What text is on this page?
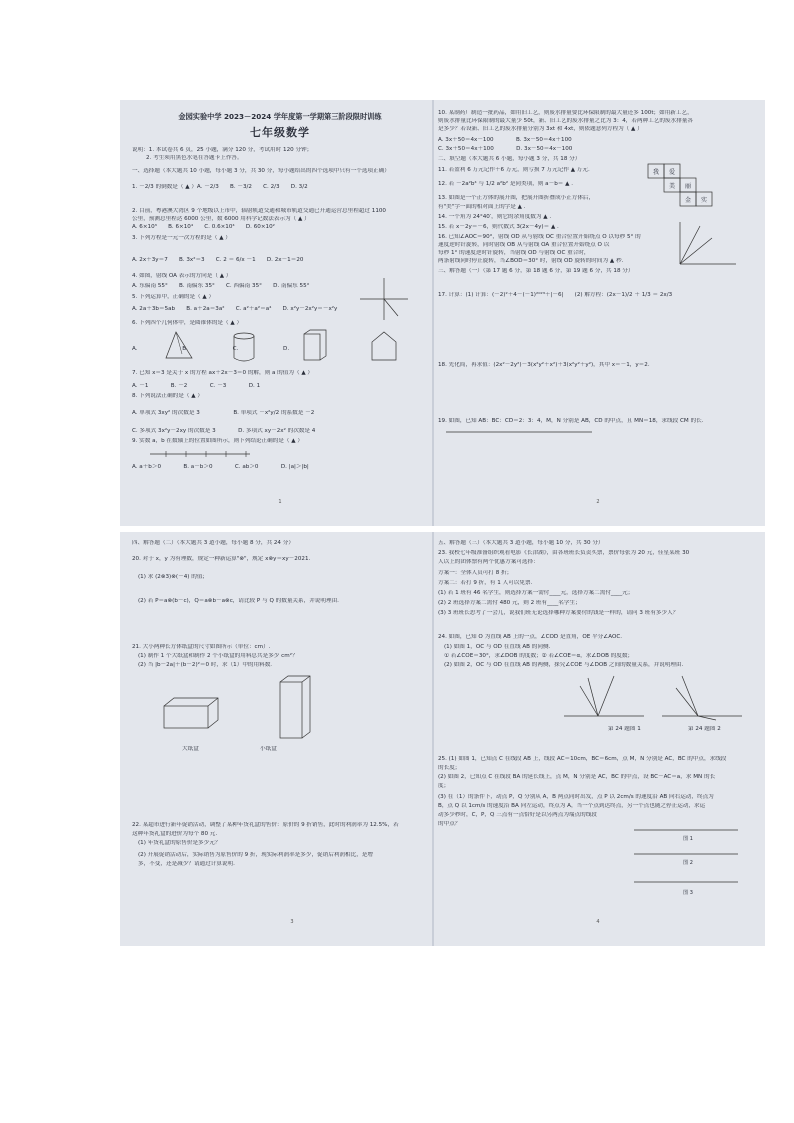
金园实验中学 2023－2024 学年度第一学期第三阶段限时训练
七年级数学
说明：1. 本试卷共 6 页，25 小题，满分 120 分，考试用时 120 分钟；
2. 考生须用黑色水笔在答题卡上作答。
一、选择题（本大题共 10 小题，每小题 3 分，共 30 分，每小题给出的四个选项中只有一个选项正确）
1. －2/3 的倒数是（ ▲ ）A. －2/3　　B. －3/2　　C. 2/3　　D. 3/2
2. 目前，粤港澳大湾区 9 个地级以上市中，辐射轨道交通和城市轨道交通已开通运营总里程超过 1100
公里，预测总里程达 6000 公里，数 6000 用科学记数法表示为（ ▲ ）
A. 6×10³　　B. 6×10⁴　　C. 0.6×10⁴　　D. 60×10²
3. 下列方程是一元一次方程的是（ ▲ ）
A. 2x＋3y＝7　　B. 3x²＝3　　C. 2 ＝ 6/x －1　　D. 2x－1＝20
4. 如图，射线 OA 表示的方向是（ ▲ ）
A. 东偏南 55°　　B. 南偏东 35°　　C. 西偏南 35°　　D. 南偏东 55°
5. 下列运算中，正确的是（ ▲ ）
A. 2a＋3b＝5ab　　B. a＋2a＝3a²　　C. a²＋a²＝a⁴　　D. x²y－2x²y＝－x²y
6. 下列四个几何体中，是圆锥体的是（ ▲ ）
A.　　　　　　　　B.　　　　　　　　C.　　　　　　　　D.
7. 已知 x＝3 是关于 x 的方程 ax＋2x－3＝0 的解，则 a 的值为（ ▲ ）
A. －1　　　　B. －2　　　　C. －3　　　　D. 1
8. 下列说法正确的是（ ▲ ）
A. 单项式 3xy² 的次数是 3　　　　　　B. 单项式 －x²y/2 的系数是 －2
C. 多项式 3x²y－2xy 的次数是 3　　　　D. 多项式 xy－2x² 的次数是 4
9. 实数 a，b 在数轴上的位置如图所示，则下列结论正确的是（ ▲ ）
A. a＋b＞0　　　　B. a－b＞0　　　　C. ab＞0　　　　D. |a|＞|b|
1
10. 某制药厂制造一批药品，如用旧工艺，则废水排量要比环保限制的最大量还多 100t；如用新工艺，
则废水排量比环保限制的最大量少 50t，新、旧工艺的废水排量之比为 3：4，若两种工艺的废水排量各
是多少？若设新、旧工艺的废水排量分别为 3xt 和 4xt，则依题意列方程为（ ▲ ）
A. 3x＋50＝4x－100　　　　B. 3x－50＝4x＋100
C. 3x＋50＝4x＋100　　　　D. 3x－50＝4x－100
二、填空题（本大题共 6 小题，每小题 3 分，共 18 分）
11. 若盈利 6 万元记作＋6 万元，则亏损 7 万元记作 ▲ 万元.
12. 若 －2a²b⁴ 与 1/2 a²b² 是同类项，则 a－b＝ ▲ .
13. 如图是一个正方体的展开图，把展开图折叠成小正方体后，
有"美"字一面的相对面上的字是 ▲ .
14. 一个角为 24°40′，则它的余角度数为 ▲ .
15. 若 x－2y＝－6，则代数式 3(2x－4y)＝ ▲ .
16. 已知∠AOC＝90°，射线 OD 从与射线 OC 重合位置开始绕点 O 以每秒 5° 的
速度逆时针旋转，同时射线 OB 从与射线 OA 重合位置开始绕点 O 以
每秒 1° 的速度逆时针旋转，当射线 OD 与射线 OC 重合时，
两条射线同时停止旋转，当∠BOD＝30° 时，射线 OD 旋转的时间为 ▲ 秒.
三、解答题（一）（第 17 题 6 分，第 18 题 6 分，第 19 题 6 分，共 18 分）
17. 计算：(1) 计算：(－2)²＋4－(－1)²⁰²³＋|－6|　　(2) 解方程：(2x－1)/2 ＋ 1/3 ＝ 2x/3
18. 先化简，再求值：(2x²－2y²)－3(x²y²＋x²)＋3(x²y²＋y²)，其中 x＝－1，y＝2.
19. 如图，已知 AB：BC：CD＝2：3：4，M，N 分别是 AB，CD 的中点，且 MN＝18，求线段 CM 的长.
2
我 爱
美 丽
金 实
四、解答题（二）（本大题共 3 道小题，每小题 8 分，共 24 分）
20. 对于 x，y 为有理数，规定一种新运算"⊗"，规定 x⊗y＝xy－2021.
(1) 求 (2⊗3)⊗(－4) 的值；
(2) 若 P＝a⊗(b－c)，Q＝a⊗b－a⊗c，请比较 P 与 Q 的数量关系，并说明理由.
21. 大小两种长方体纸盒的尺寸如图所示（单位：cm）.
(1) 制作 1 个大纸盒和制作 2 个小纸盒的用料总共是多少 cm²？
(2) 当 |b－2a|＋(b－2)²＝0 时，求（1）中的用料数.
大纸盒	小纸盒
22. 某超市进行新年促销活动，调整了某种年货礼盒的售价：原价的 9 折销售，此时的利润率为 12.5%，若
这种年货礼盒的进价为每个 80 元.
(1) 年货礼盒的原售价是多少元？
(2) 开展促销活动后，实际销售为原售价的 9 折，现实际利润率是多少，促销后利润相比，是增
多，不变，还是减少？请通过计算说明.
3
五、解答题（三）（本大题共 3 道小题，每小题 10 分，共 30 分）
23. 我校七年级准备组织观看电影《长津湖》，由各班班长负责买票，票价每张为 20 元，佳星某班 30
人以上的团体票有两个优惠方案可选择：
方案一：全体人员可打 8 折；
方案二：若打 9 折，有 1 人可以免票.
(1) 若 1 班有 46 名学生，则选择方案一需付____元，选择方案二需付____元；
(2) 2 班选择方案二需付 480 元，则 2 班有____名学生；
(3) 3 班班长思考了一会儿，说我们班无论选择哪种方案要付的钱是一样的，请问 3 班有多少人？
24. 如图，已知 O 为直线 AB 上的一点，∠COD 是直角，OE 平分∠AOC.
(1) 如图 1，OC 与 OD 在直线 AB 的同侧.
① 若∠COE＝30°，求∠DOB 的度数；② 若∠COE＝α，求∠DOB 的度数；
(2) 如图 2，OC 与 OD 在直线 AB 的两侧，探究∠COE 与∠DOB 之间的数量关系，并说明理由.
第 24 题图 1	第 24 题图 2
25. (1) 如图 1，已知点 C 在线段 AB 上，线段 AC＝10cm，BC＝6cm，点 M，N 分别是 AC，BC 的中点，求线段
的长度；
(2) 如图 2，已知点 C 在线段 BA 的延长线上，点 M，N 分别是 AC，BC 的中点，设 BC－AC＝a，求 MN 的长
度；
(3) 在（1）的条件下，动点 P，Q 分别从 A，B 两点同时出发，点 P 以 2cm/s 的速度沿 AB 向右运动，终点为
B，点 Q 以 1cm/s 的速度沿 BA 向左运动，终点为 A，当一个点到达终点，另一个点也随之停止运动，求运
动多少秒时，C，P，Q 三点有一点恰好是以另两点为端点的线段
的中点？
4
图 1
图 2
图 3
